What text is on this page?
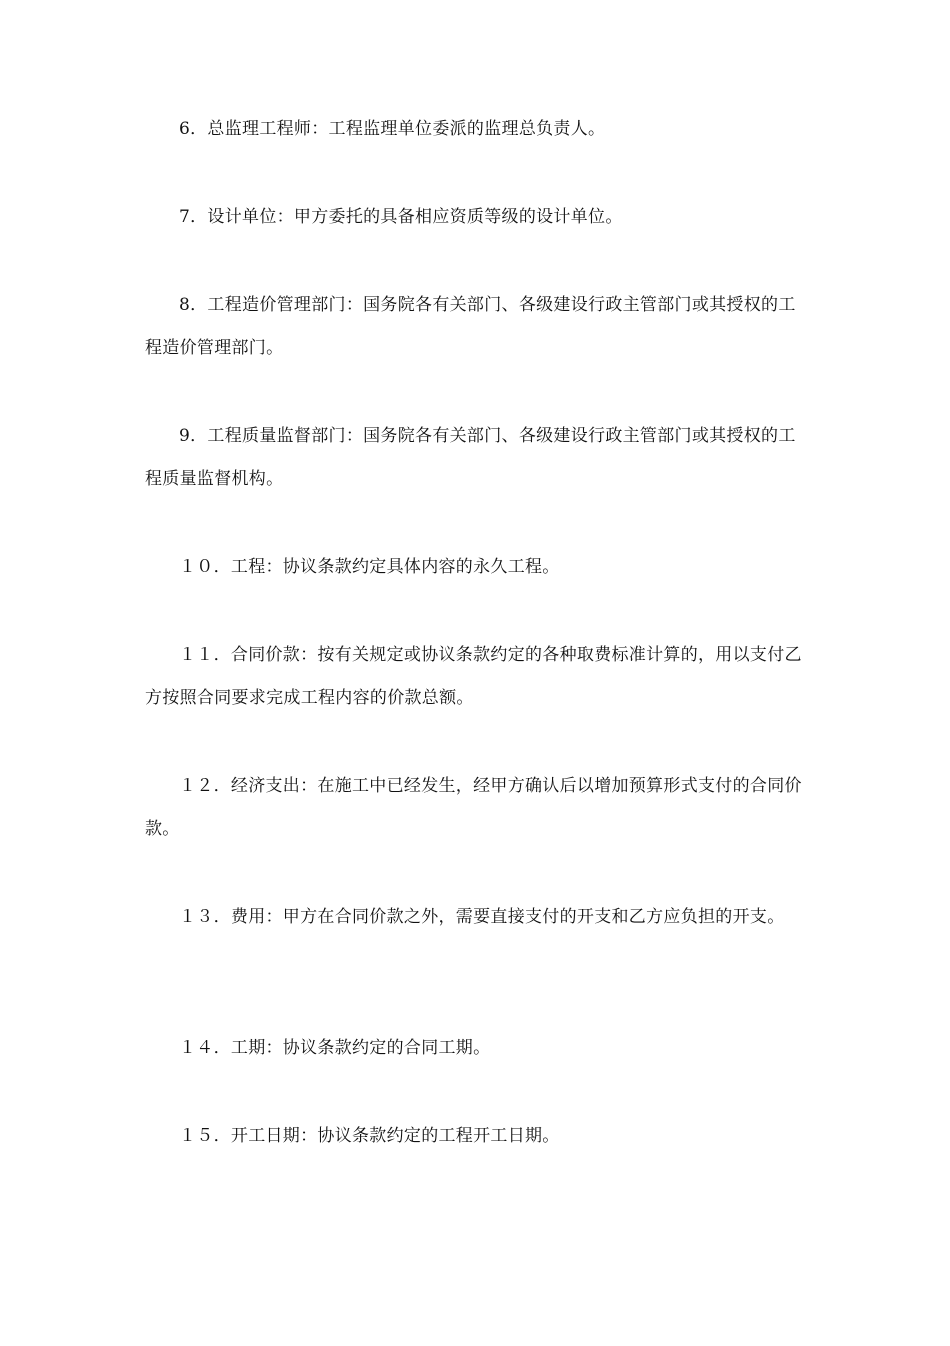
6．总监理工程师：工程监理单位委派的监理总负责人。

7．设计单位：甲方委托的具备相应资质等级的设计单位。

8．工程造价管理部门：国务院各有关部门、各级建设行政主管部门或其授权的工程造价管理部门。

9．工程质量监督部门：国务院各有关部门、各级建设行政主管部门或其授权的工程质量监督机构。

１０．工程：协议条款约定具体内容的永久工程。

１１．合同价款：按有关规定或协议条款约定的各种取费标准计算的，用以支付乙方按照合同要求完成工程内容的价款总额。

１２．经济支出：在施工中已经发生，经甲方确认后以增加预算形式支付的合同价款。

１３．费用：甲方在合同价款之外，需要直接支付的开支和乙方应负担的开支。

１４．工期：协议条款约定的合同工期。

１５．开工日期：协议条款约定的工程开工日期。
